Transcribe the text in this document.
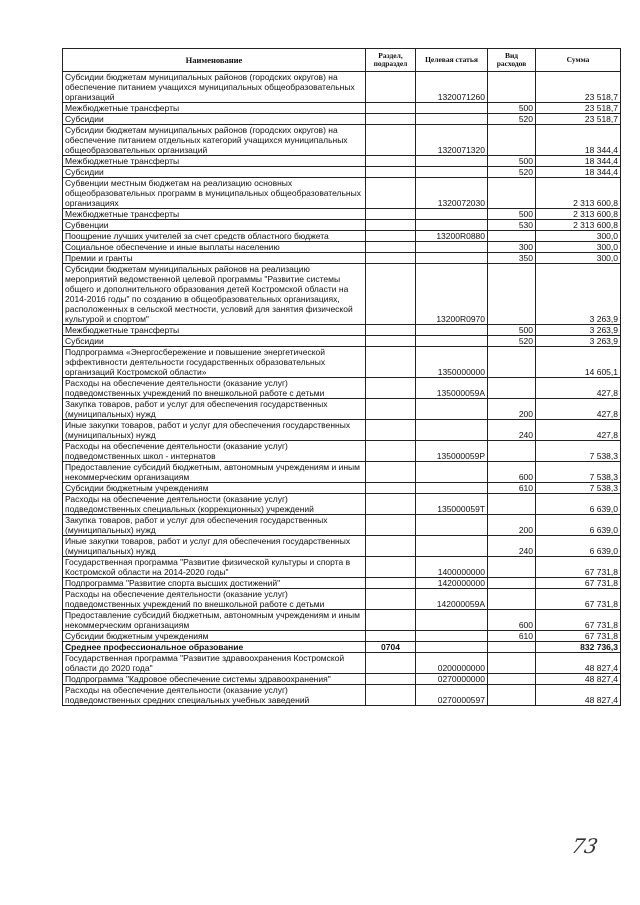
Наименование	Раздел, подраздел	Целевая статья	Вид расходов	Сумма
Субсидии бюджетам муниципальных районов (городских округов) на обеспечение питанием учащихся муниципальных общеобразовательных организаций		1320071260		23 518,7
Межбюджетные трансферты			500	23 518,7
Субсидии			520	23 518,7
Субсидии бюджетам муниципальных районов (городских округов) на обеспечение питанием отдельных категорий учащихся муниципальных общеобразовательных организаций		1320071320		18 344,4
Межбюджетные трансферты			500	18 344,4
Субсидии			520	18 344,4
Субвенции местным бюджетам на реализацию основных общеобразовательных программ в муниципальных общеобразовательных организациях		1320072030		2 313 600,8
Межбюджетные трансферты			500	2 313 600,8
Субвенции			530	2 313 600,8
Поощрение лучших учителей за счет средств областного бюджета		13200R0880		300,0
Социальное обеспечение и иные выплаты населению			300	300,0
Премии и гранты			350	300,0
Субсидии бюджетам муниципальных районов на реализацию мероприятий ведомственной целевой программы "Развитие системы общего и дополнительного образования детей Костромской области на 2014-2016 годы" по созданию в общеобразовательных организациях, расположенных в сельской местности, условий для занятия физической культурой и спортом"		13200R0970		3 263,9
Межбюджетные трансферты			500	3 263,9
Субсидии			520	3 263,9
Подпрограмма «Энергосбережение и повышение энергетической эффективности деятельности государственных образовательных организаций Костромской области»		1350000000		14 605,1
Расходы на обеспечение деятельности (оказание услуг) подведомственных учреждений по внешкольной работе с детьми		135000059А		427,8
Закупка товаров, работ и услуг для обеспечения государственных (муниципальных) нужд			200	427,8
Иные закупки товаров, работ и услуг для обеспечения государственных (муниципальных) нужд			240	427,8
Расходы на обеспечение деятельности (оказание услуг) подведомственных школ - интернатов		135000059Р		7 538,3
Предоставление субсидий бюджетным, автономным учреждениям и иным некоммерческим организациям			600	7 538,3
Субсидии бюджетным учреждениям			610	7 538,3
Расходы на обеспечение деятельности (оказание услуг) подведомственных специальных (коррекционных) учреждений		135000059Т		6 639,0
Закупка товаров, работ и услуг для обеспечения государственных (муниципальных) нужд			200	6 639,0
Иные закупки товаров, работ и услуг для обеспечения государственных (муниципальных) нужд			240	6 639,0
Государственная программа "Развитие физической культуры и спорта в Костромской области на 2014-2020 годы"		1400000000		67 731,8
Подпрограмма "Развитие спорта высших достижений"		1420000000		67 731,8
Расходы на обеспечение деятельности (оказание услуг) подведомственных учреждений по внешкольной работе с детьми		142000059А		67 731,8
Предоставление субсидий бюджетным, автономным учреждениям и иным некоммерческим организациям			600	67 731,8
Субсидии бюджетным учреждениям			610	67 731,8
Среднее профессиональное образование	0704			832 736,3
Государственная программа "Развитие здравоохранения Костромской области до 2020 года"		0200000000		48 827,4
Подпрограмма "Кадровое обеспечение системы здравоохранения"		0270000000		48 827,4
Расходы на обеспечение деятельности (оказание услуг) подведомственных средних специальных учебных заведений		0270000597		48 827,4
73
